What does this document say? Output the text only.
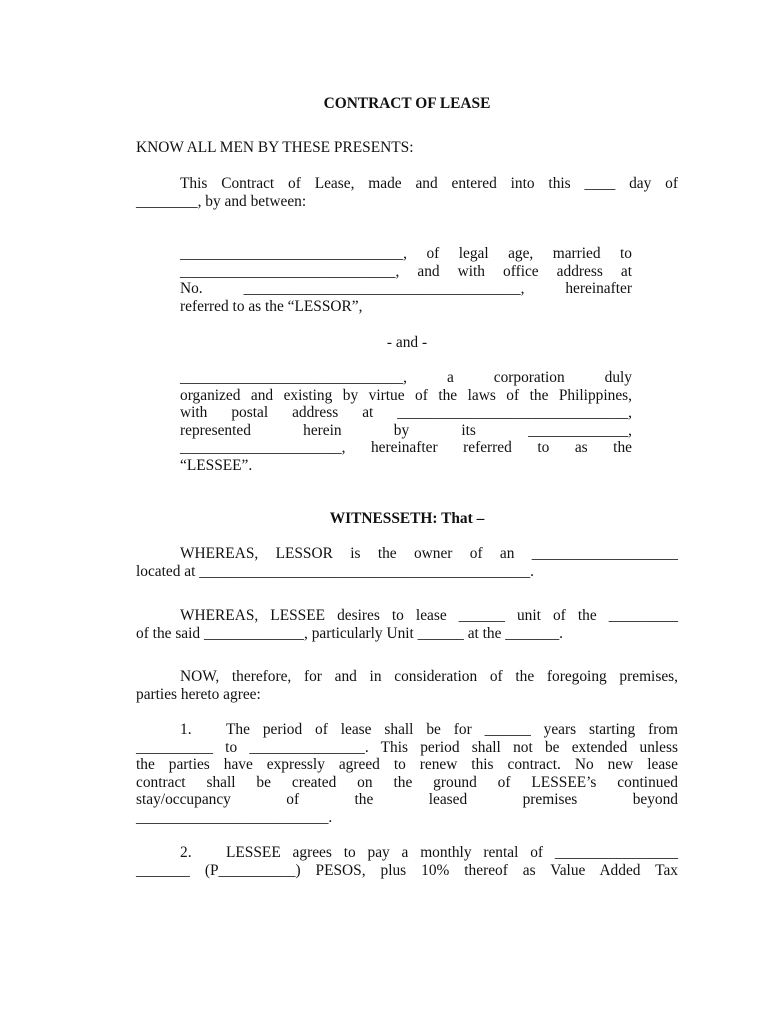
CONTRACT OF LEASE
KNOW ALL MEN BY THESE PRESENTS:
This Contract of Lease, made and entered into this ____ day of
________, by and between:
_____________________________, of legal age, married to
____________________________, and with office address at
No. ____________________________________, hereinafter
referred to as the “LESSOR”,
- and -
_____________________________, a corporation duly
organized and existing by virtue of the laws of the Philippines,
with postal address at ______________________________,
represented herein by its _____________,
_____________________, hereinafter referred to as the
“LESSEE”.
WITNESSETH: That –
WHEREAS, LESSOR is the owner of an ___________________
located at ___________________________________________.
WHEREAS, LESSEE desires to lease ______ unit of the _________
of the said _____________, particularly Unit ______ at the _______.
NOW, therefore, for and in consideration of the foregoing premises,
parties hereto agree:
1. The period of lease shall be for ______ years starting from
__________ to _______________. This period shall not be extended unless
the parties have expressly agreed to renew this contract. No new lease
contract shall be created on the ground of LESSEE’s continued
stay/occupancy of the leased premises beyond
_________________________.
2. LESSEE agrees to pay a monthly rental of ________________
_______ (P__________) PESOS, plus 10% thereof as Value Added Tax
